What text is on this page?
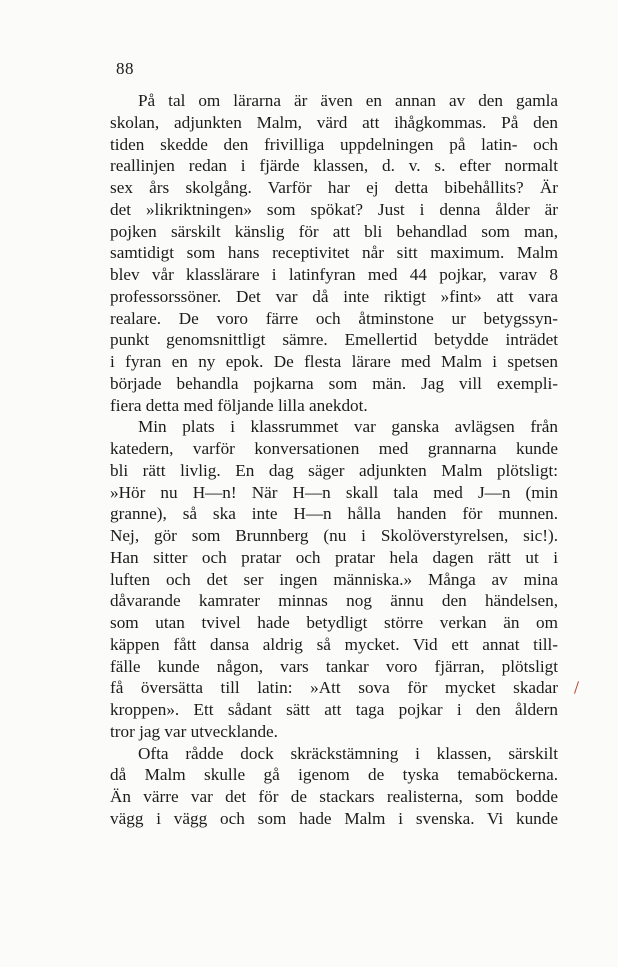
88
På tal om lärarna är även en annan av den gamla
skolan, adjunkten Malm, värd att ihågkommas. På den
tiden skedde den frivilliga uppdelningen på latin- och
reallinjen redan i fjärde klassen, d. v. s. efter normalt
sex års skolgång. Varför har ej detta bibehållits? Är
det »likriktningen» som spökat? Just i denna ålder är
pojken särskilt känslig för att bli behandlad som man,
samtidigt som hans receptivitet når sitt maximum. Malm
blev vår klasslärare i latinfyran med 44 pojkar, varav 8
professorssöner. Det var då inte riktigt »fint» att vara
realare. De voro färre och åtminstone ur betygssyn-
punkt genomsnittligt sämre. Emellertid betydde inträdet
i fyran en ny epok. De flesta lärare med Malm i spetsen
började behandla pojkarna som män. Jag vill exempli-
fiera detta med följande lilla anekdot.
Min plats i klassrummet var ganska avlägsen från
katedern, varför konversationen med grannarna kunde
bli rätt livlig. En dag säger adjunkten Malm plötsligt:
»Hör nu H—n! När H—n skall tala med J—n (min
granne), så ska inte H—n hålla handen för munnen.
Nej, gör som Brunnberg (nu i Skolöverstyrelsen, sic!).
Han sitter och pratar och pratar hela dagen rätt ut i
luften och det ser ingen människa.» Många av mina
dåvarande kamrater minnas nog ännu den händelsen,
som utan tvivel hade betydligt större verkan än om
käppen fått dansa aldrig så mycket. Vid ett annat till-
fälle kunde någon, vars tankar voro fjärran, plötsligt
få översätta till latin: »Att sova för mycket skadar
kroppen». Ett sådant sätt att taga pojkar i den åldern
tror jag var utvecklande.
Ofta rådde dock skräckstämning i klassen, särskilt
då Malm skulle gå igenom de tyska temaböckerna.
Än värre var det för de stackars realisterna, som bodde
vägg i vägg och som hade Malm i svenska. Vi kunde
